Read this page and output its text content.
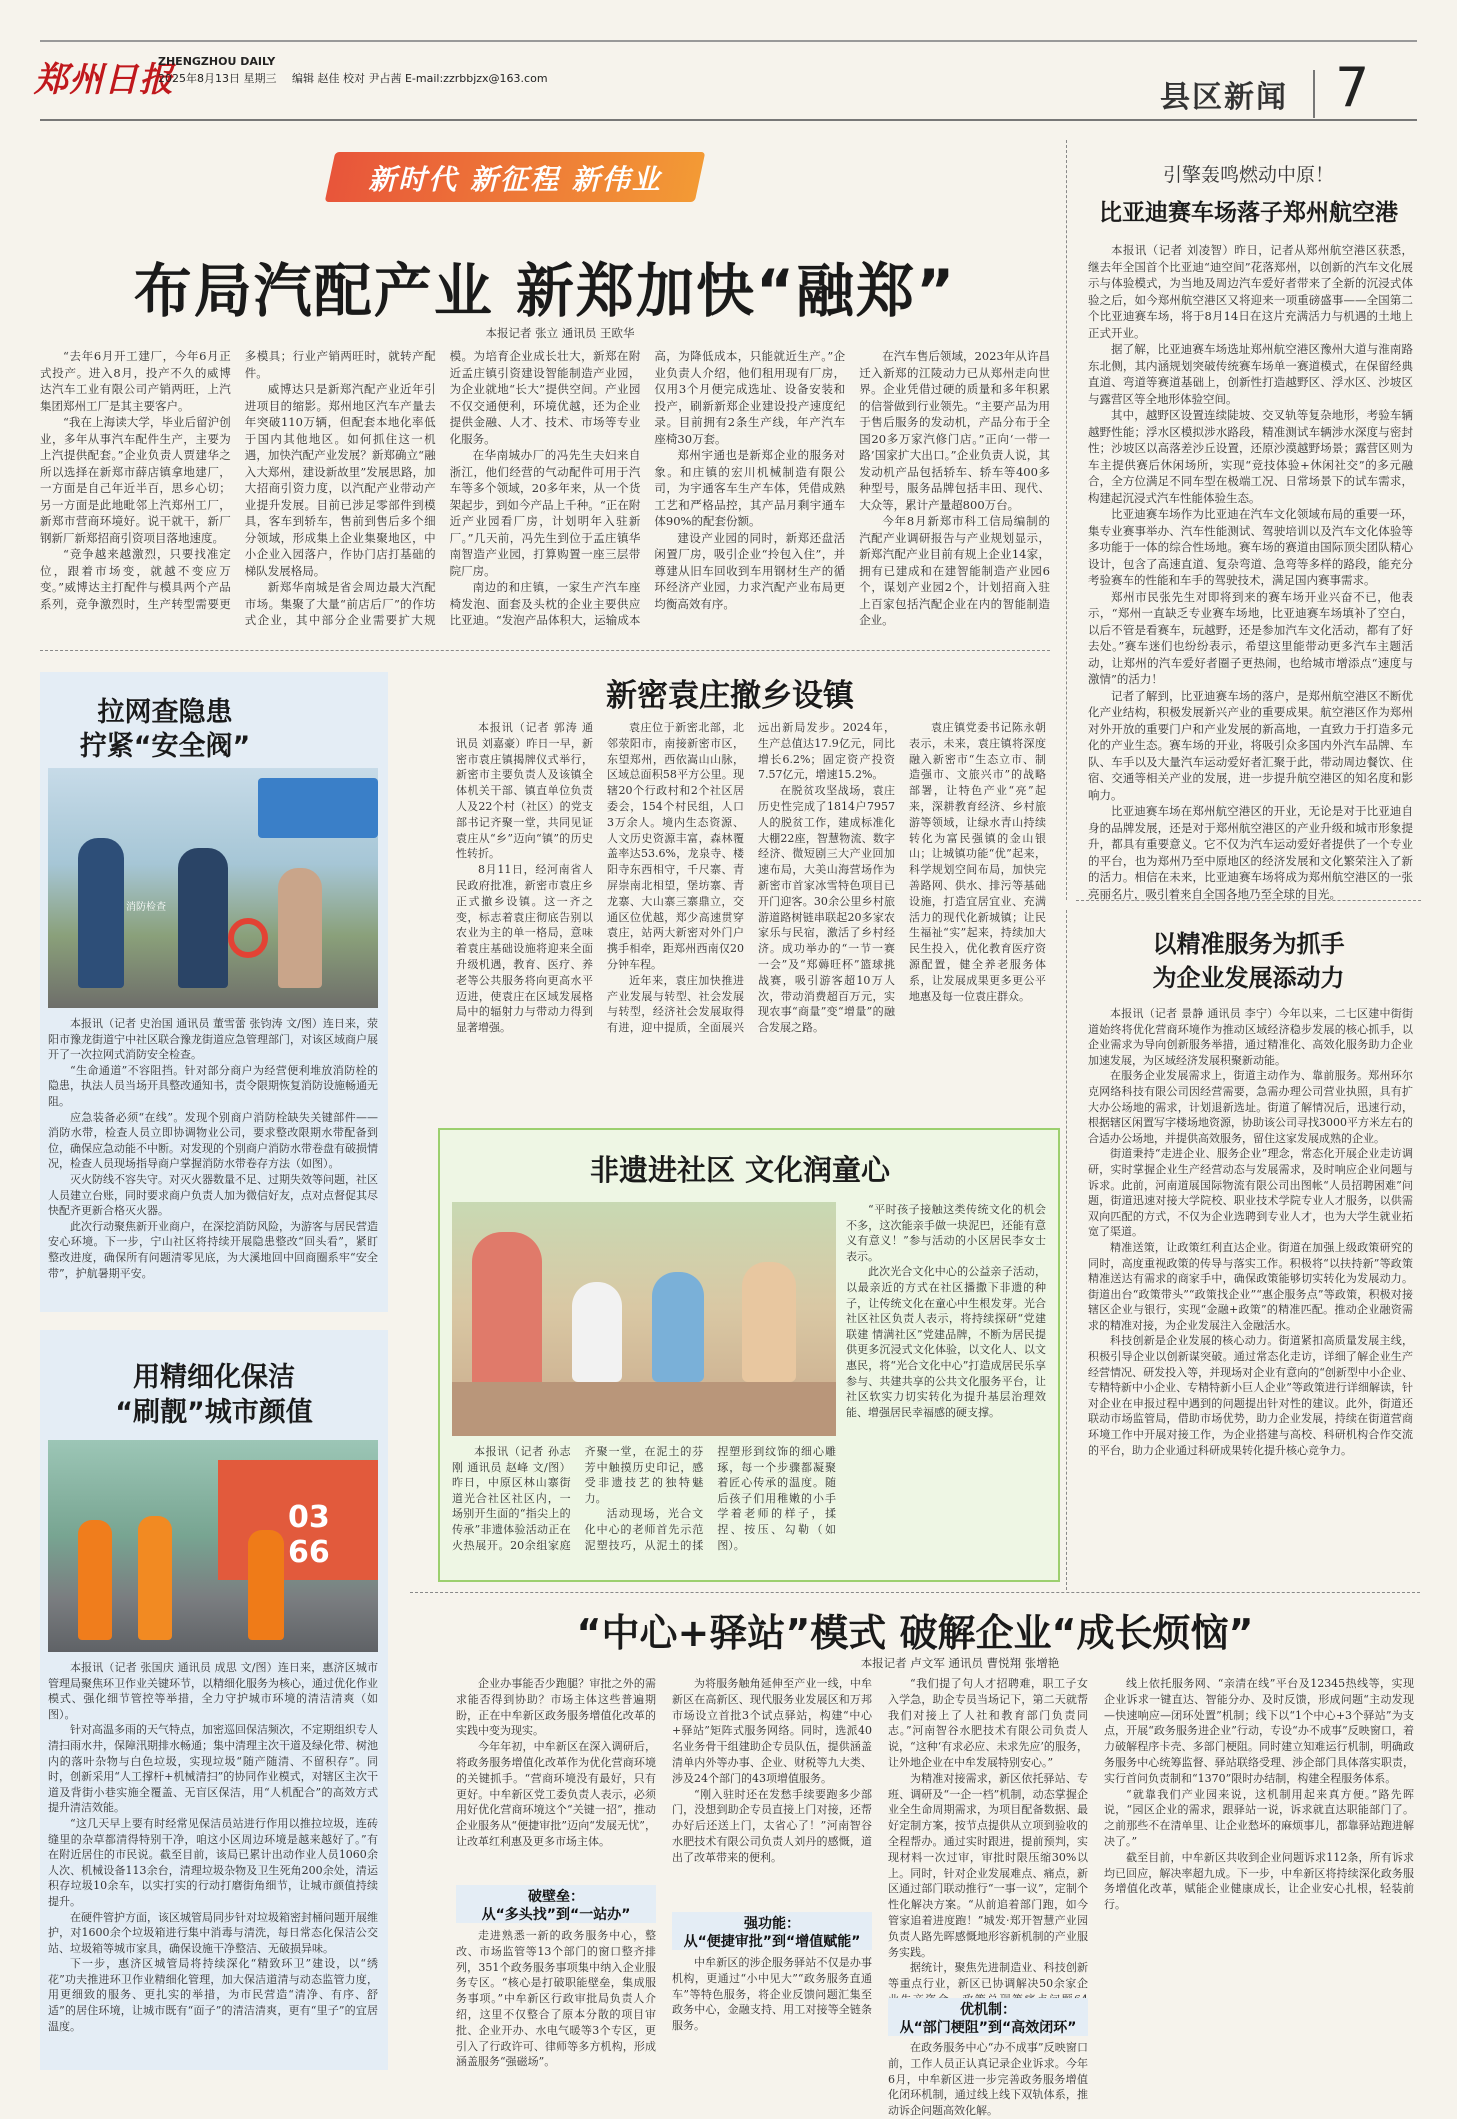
郑州日报
ZHENGZHOU DAILY
2025年8月13日 星期三 编辑 赵佳 校对 尹占茜 E-mail:zzrbbjzx@163.com
县区新闻 7
新时代 新征程 新伟业
布局汽配产业 新郑加快“融郑”
本报记者 张立 通讯员 王欧华

“去年6月开工建厂，今年6月正式投产。进入8月，投产不久的威博达汽车工业有限公司产销两旺，上汽集团郑州工厂是其主要客户。

“我在上海读大学，毕业后留沪创业，多年从事汽车配件生产，主要为上汽提供配套。”企业负责人贾建华之所以选择在新郑市薛店镇拿地建厂，一方面是自己年近半百，思乡心切；另一方面是此地毗邻上汽郑州工厂，新郑市营商环境好。说干就干，新厂钢新厂新郑招商引资项目落地速度。

“竞争越来越激烈，只要找准定位，跟着市场变，就越不变应万变。”威博达主打配件与模具两个产品系列，竞争激烈时，生产转型需要更多模具；行业产销两旺时，就转产配件。

威博达只是新郑汽配产业近年引进项目的缩影。郑州地区汽车产量去年突破110万辆，但配套本地化率低于国内其他地区。如何抓住这一机遇，加快汽配产业发展？新郑确立“融入大郑州，建设新故里”发展思路，加大招商引资力度，以汽配产业带动产业提升发展。目前已涉足零部件到模具，客车到轿车，售前到售后多个细分领域，形成集上企业集聚地区，中小企业入园落户，作协门店打基础的梯队发展格局。

新郑华南城是省会周边最大汽配市场。集聚了大量“前店后厂”的作坊式企业，其中部分企业需要扩大规模。为培育企业成长壮大，新郑在附近孟庄镇引资建设智能制造产业园，为企业就地“长大”提供空间。产业园不仅交通便利，环境优越，还为企业提供金融、人才、技术、市场等专业化服务。

在华南城办厂的冯先生夫妇来自浙江，他们经营的气动配件可用于汽车等多个领域，20多年来，从一个货架起步，到如今产品上千种。“正在附近产业园看厂房，计划明年入驻新厂。”几天前，冯先生到位于孟庄镇华南智造产业园，打算购置一座三层带院厂房。

南边的和庄镇，一家生产汽车座椅发泡、面套及头枕的企业主要供应比亚迪。“发泡产品体积大，运输成本高，为降低成本，只能就近生产。”企业负责人介绍，他们租用现有厂房，仅用3个月便完成选址、设备安装和投产，刷新新郑企业建设投产速度纪录。目前拥有2条生产线，年产汽车座椅30万套。

郑州宇通也是新郑企业的服务对象。和庄镇的宏川机械制造有限公司，为宇通客车生产车体，凭借成熟工艺和严格品控，其产品月剩宇通车体90%的配套份额。

建设产业园的同时，新郑还盘活闲置厂房，吸引企业“拎包入住”，并尊建从旧车回收到车用钢材生产的循环经济产业园，力求汽配产业布局更均衡高效有序。

在汽车售后领域，2023年从许昌迁入新郑的江陵动力已从郑州走向世界。企业凭借过硬的质量和多年积累的信誉做到行业领先。“主要产品为用于售后服务的发动机，产品分布于全国20多万家汽修门店。”正向‘一带一路’国家扩大出口。”企业负责人说，其发动机产品包括轿车、轿车等400多种型号，服务品牌包括丰田、现代、大众等，累计产量超800万台。

今年8月新郑市科工信局编制的汽配产业调研报告与产业规划显示，新郑汽配产业目前有规上企业14家，拥有已建成和在建智能制造产业园6个，谋划产业园2个，计划招商入驻上百家包括汽配企业在内的智能制造企业。

引擎轰鸣燃动中原！
比亚迪赛车场落子郑州航空港

本报讯（记者 刘凌智）昨日，记者从郑州航空港区获悉，继去年全国首个比亚迪“迪空间”花落郑州，以创新的汽车文化展示与体验模式，为当地及周边汽车爱好者带来了全新的沉浸式体验之后，如今郑州航空港区又将迎来一项重磅盛事——全国第二个比亚迪赛车场，将于8月14日在这片充满活力与机遇的土地上正式开业。

据了解，比亚迪赛车场选址郑州航空港区豫州大道与淮南路东北侧，其内涵规划突破传统赛车场单一赛道模式，在保留经典直道、弯道等赛道基础上，创新性打造越野区、浮水区、沙坡区与露营区等全地形体验空间。

其中，越野区设置连续陡坡、交叉轨等复杂地形，考验车辆越野性能；浮水区模拟涉水路段，精准测试车辆涉水深度与密封性；沙坡区以高落差沙丘设置，还原沙漠越野场景；露营区则为车主提供赛后休闲场所，实现“竞技体验+休闲社交”的多元融合，全方位满足不同车型在极端工况、日常场景下的试车需求，构建起沉浸式汽车性能体验生态。

比亚迪赛车场作为比亚迪在汽车文化领域布局的重要一环，集专业赛事举办、汽车性能测试、驾驶培训以及汽车文化体验等多功能于一体的综合性场地。赛车场的赛道由国际顶尖团队精心设计，包含了高速直道、复杂弯道、急弯等多样的路段，能充分考验赛车的性能和车手的驾驶技术，满足国内赛事需求。

郑州市民张先生对即将到来的赛车场开业兴奋不已，他表示，“郑州一直缺乏专业赛车场地，比亚迪赛车场填补了空白，以后不管是看赛车，玩越野，还是参加汽车文化活动，都有了好去处。”赛车迷们也纷纷表示，希望这里能带动更多汽车主题活动，让郑州的汽车爱好者圈子更热闹，也给城市增添点“速度与激情”的活力！

记者了解到，比亚迪赛车场的落户，是郑州航空港区不断优化产业结构，积极发展新兴产业的重要成果。航空港区作为郑州对外开放的重要门户和产业发展的新高地，一直致力于打造多元化的产业生态。赛车场的开业，将吸引众多国内外汽车品牌、车队、车手以及大量汽车运动爱好者汇聚于此，带动周边餐饮、住宿、交通等相关产业的发展，进一步提升航空港区的知名度和影响力。

比亚迪赛车场在郑州航空港区的开业，无论是对于比亚迪自身的品牌发展，还是对于郑州航空港区的产业升级和城市形象提升，都具有重要意义。它不仅为汽车运动爱好者提供了一个专业的平台，也为郑州乃至中原地区的经济发展和文化繁荣注入了新的活力。相信在未来，比亚迪赛车场将成为郑州航空港区的一张亮丽名片，吸引着来自全国各地乃至全球的目光。

拉网查隐患
拧紧“安全阀”
消防检查

本报讯（记者 史治国 通讯员 董雪蕾 张钧涛 文/图）连日来，荥阳市豫龙街道宁中社区联合豫龙街道应急管理部门，对该区域商户展开了一次拉网式消防安全检查。

“生命通道”不容阻挡。针对部分商户为经营便利堆放消防栓的隐患，执法人员当场开具整改通知书，责令限期恢复消防设施畅通无阻。

应急装备必须“在线”。发现个别商户消防栓缺失关键部件——消防水带，检查人员立即协调物业公司，要求整改限期水带配备到位，确保应急动能不中断。对发现的个别商户消防水带卷盘有破损情况，检查人员现场指导商户掌握消防水带卷存方法（如图）。

灭火防线不容失守。对灭火器数量不足、过期失效等问题，社区人员建立台账，同时要求商户负责人加为微信好友，点对点督促其尽快配齐更新合格灭火器。

此次行动聚焦新开业商户，在深挖消防风险，为游客与居民营造安心环境。下一步，宁山社区将持续开展隐患整改“回头看”，紧盯整改进度，确保所有问题清零见底，为大溪地回中回商圈系牢“安全带”，护航暑期平安。

用精细化保洁
“刷靓”城市颜值
03 66

本报讯（记者 张国庆 通讯员 成思 文/图）连日来，惠济区城市管理局聚焦环卫作业关键环节，以精细化服务为核心，通过优化作业模式、强化细节管控等举措，全力守护城市环境的清洁清爽（如图）。

针对高温多雨的天气特点，加密巡回保洁频次，不定期组织专人清扫雨水井，保障汛期排水畅通；集中清理主次干道及绿化带、树池内的落叶杂物与白色垃圾，实现垃圾“随产随清、不留积存”。同时，创新采用“人工撑杆+机械清扫”的协同作业模式，对辖区主次干道及背街小巷实施全覆盖、无盲区保洁，用“人机配合”的高效方式提升清洁效能。

“这几天早上要有时经常见保洁员站进行作用以推拉垃圾，连砖缝里的杂草都清得特别干净，咱这小区周边环境是越来越好了。”有在附近居住的市民说。截至目前，该局已累计出动作业人员1060余人次、机械设备113余台，清理垃圾杂物及卫生死角200余处，清运积存垃圾10余车，以实打实的行动打磨街角细节，让城市颜值持续提升。

在硬件管护方面，该区城管局同步针对垃圾箱密封桶问题开展维护，对1600余个垃圾箱进行集中消毒与清洗，每日常态化保洁公交站、垃圾箱等城市家具，确保设施干净整洁、无破损异味。

下一步，惠济区城管局将持续深化“精致环卫”建设，以“绣花”功夫推进环卫作业精细化管理，加大保洁道清与动态监管力度，用更细致的服务、更扎实的举措，为市民营造“清净、有序、舒适”的居住环境，让城市既有“面子”的清洁清爽，更有“里子”的宜居温度。

新密袁庄撤乡设镇

本报讯（记者 郭涛 通讯员 刘嘉豪）昨日一早，新密市袁庄镇揭牌仪式举行，新密市主要负责人及该镇全体机关干部、镇直单位负责人及22个村（社区）的党支部书记齐聚一堂，共同见证袁庄从“乡”迈向“镇”的历史性转折。

8月11日，经河南省人民政府批准，新密市袁庄乡正式撤乡设镇。这一齐之变，标志着袁庄彻底告别以农业为主的单一格局，意味着袁庄基础设施将迎来全面升级机遇，教育、医疗、养老等公共服务将向更高水平迈进，使袁庄在区域发展格局中的辐射力与带动力得到显著增强。

袁庄位于新密北部，北邻荥阳市，南接新密市区，东望郑州，西依嵩山山脉，区域总面积58平方公里。现辖20个行政村和2个社区居委会，154个村民组，人口3万余人。境内生态资源、人文历史资源丰富，森林覆盖率达53.6%，龙泉寺、楼阳寺东西相守，千尺寨、青屏崇南北相望，堡坊寨、青龙寨、大山寨三寨鼎立，交通区位优越，郑少高速贯穿袁庄，站两大新密对外门户携手相牵，距郑州西南仅20分钟车程。

近年来，袁庄加快推进产业发展与转型、社会发展与转型，经济社会发展取得有进，迎中提质，全面展兴远出新局发步。2024年，生产总值达17.9亿元，同比增长6.2%；固定资产投资7.57亿元，增速15.2%。

在脱贫攻坚战场，袁庄历史性完成了1814户7957人的脱贫工作，建成标准化大棚22座，智慧物流、数字经济、微短剧三大产业回加速布局，大美山海营场作为新密市首家冰雪特色项目已开门迎客。30余公里乡村旅游道路树链串联起20多家农家乐与民宿，激活了乡村经济。成功举办的“一节一赛一会”及“郑薅旺杯”篮球挑战赛，吸引游客超10万人次，带动消费超百万元，实现农事“商量”变“增量”的融合发展之路。

袁庄镇党委书记陈永朝表示，未来，袁庄镇将深度融入新密市“生态立市、制造强市、文旅兴市”的战略部署，让特色产业“亮”起来，深耕教育经济、乡村旅游等领域，让绿水青山持续转化为富民强镇的金山银山；让城镇功能“优”起来，科学规划空间布局，加快完善路网、供水、排污等基础设施，打造宜居宜业、充满活力的现代化新城镇；让民生福祉“实”起来，持续加大民生投入，优化教育医疗资源配置，健全养老服务体系，让发展成果更多更公平地惠及每一位袁庄群众。

非遗进社区 文化润童心

本报讯（记者 孙志刚 通讯员 赵峰 文/图）昨日，中原区林山寨街道光合社区社区内，一场别开生面的“指尖上的传承”非遗体验活动正在火热展开。20余组家庭齐聚一堂，在泥土的芬芳中触摸历史印记，感受非遗技艺的独特魅力。

活动现场，光合文化中心的老师首先示范泥塑技巧，从泥土的揉捏塑形到纹饰的细心雕琢，每一个步骤都凝聚着匠心传承的温度。随后孩子们用稚嫩的小手学着老师的样子，揉捏、按压、勾勒（如图）。

“平时孩子接触这类传统文化的机会不多，这次能亲手做一块泥巴，还能有意义有意义！”参与活动的小区居民李女士表示。

此次光合文化中心的公益亲子活动，以最亲近的方式在社区播撒下非遗的种子，让传统文化在童心中生根发芽。光合社区社区负责人表示，将持续探研“党建联建 情满社区”党建品牌，不断为居民提供更多沉浸式文化体验，以文化人、以文惠民，将“光合文化中心”打造成居民乐享参与、共建共享的公共文化服务平台，让社区软实力切实转化为提升基层治理效能、增强居民幸福感的硬支撑。

以精准服务为抓手
为企业发展添动力

本报讯（记者 景静 通讯员 李宁）今年以来，二七区建中街街道始终将优化营商环境作为推动区域经济稳步发展的核心抓手，以企业需求为导向创新服务举措，通过精准化、高效化服务助力企业加速发展，为区域经济发展积聚新动能。

在服务企业发展需求上，街道主动作为、靠前服务。郑州环尔克网络科技有限公司因经营需要，急需办理公司营业执照，具有扩大办公场地的需求，计划退新选址。街道了解情况后，迅速行动，根据辖区闲置写字楼场地资源，协助该公司寻找3000平方米左右的合适办公场地，并提供高效服务，留住这家发展成熟的企业。

街道秉持“走进企业、服务企业”理念，常态化开展企业走访调研，实时掌握企业生产经营动态与发展需求，及时响应企业问题与诉求。此前，河南道展国际物流有限公司出图帐“人员招聘困难”问题，街道迅速对接大学院校、职业技术学院专业人才服务，以供需双向匹配的方式，不仅为企业选聘到专业人才，也为大学生就业拓宽了渠道。

精准送策，让政策红利直达企业。街道在加强上级政策研究的同时，高度重视政策的传导与落实工作。积极将“以扶持新”等政策精准送达有需求的商家手中，确保政策能够切实转化为发展动力。街道出台“政策带头”“政策找企业”“惠企服务点”等政策，积极对接辖区企业与银行，实现“金融+政策”的精准匹配。推动企业融资需求的精准对接，为企业发展注入金融活水。

科技创新是企业发展的核心动力。街道紧扣高质量发展主线，积极引导企业以创新谋突破。通过常态化走访，详细了解企业生产经营情况、研发投入等，并现场对企业有意向的“创新型中小企业、专精特新中小企业、专精特新小巨人企业”等政策进行详细解读，针对企业在申报过程中遇到的问题提出针对性的建议。此外，街道还联动市场监管局，借助市场优势，助力企业发展，持续在街道营商环境工作中开展对接工作，为企业搭建与高校、科研机构合作交流的平台，助力企业通过科研成果转化提升核心竞争力。

“中心+驿站”模式 破解企业“成长烦恼”
本报记者 卢文军 通讯员 曹悦翔 张增艳

企业办事能否少跑腿？审批之外的需求能否得到协助？市场主体这些普遍期盼，正在中牟新区政务服务增值化改革的实践中变为现实。

今年年初，中牟新区在深入调研后，将政务服务增值化改革作为优化营商环境的关键抓手。“营商环境没有最好，只有更好。中牟新区党工委负责人表示，必须用好优化营商环境这个“关键一招”，推动企业服务从“便捷审批”迈向“发展无忧”，让改革红利惠及更多市场主体。

破壁垒：
从“多头找”到“一站办”

走进熟悉一新的政务服务中心，整改、市场监管等13个部门的窗口整齐排列，351个政务服务事项集中纳入企业服务专区。“核心是打破职能壁垒，集成服务事项。”中牟新区行政审批局负责人介绍，这里不仅整合了原本分散的项目审批、企业开办、水电气暖等3个专区，更引入了行政许可、律师等多方机构，形成涵盖服务“强磁场”。

为将服务触角延伸至产业一线，中牟新区在高新区、现代服务业发展区和万邦市场设立首批3个试点驿站，构建“中心+驿站”矩阵式服务网络。同时，选派40名业务骨干组建助企专员队伍，提供涵盖清单内外等办事、企业、财税等九大类、涉及24个部门的43项增值服务。

“刚入驻时还在发愁手续要跑多少部门，没想到助企专员直接上门对接，还帮办好后还送上门，太省心了！”河南智谷水肥技术有限公司负责人刘丹的感慨，道出了改革带来的便利。

强功能：
从“便捷审批”到“增值赋能”

中牟新区的涉企服务驿站不仅是办事机构，更通过“小中见大”“政务服务直通车”等特色服务，将企业反馈问题汇集至政务中心，金融支持、用工对接等全链条服务。

“我们提了句人才招聘难，职工子女入学急，助企专员当场记下，第二天就帮我们对接上了人社和教育部门负责同志。”河南智谷水肥技术有限公司负责人说，“这种‘有求必应、未求先应’的服务，让外地企业在中牟发展特别安心。”

为精准对接需求，新区依托驿站、专班、调研及“一企一档”机制，动态掌握企业全生命周期需求，为项目配备数据、最好定制方案，按节点提供从立项到验收的全程帮办。通过实时跟进，提前预判，实现材料一次过审，审批时限压缩30%以上。同时，针对企业发展难点、痛点，新区通过部门联动推行“一事一议”，定制个性化解决方案。“从前追着部门跑，如今管家追着进度跑！”城发·郑开智慧产业园负责人路先晖感慨地形容新机制的产业服务实践。

据统计，聚焦先进制造业、科技创新等重点行业，新区已协调解决50余家企

优机制：
从“部门梗阻”到“高效闭环”

在政务服务中心“办不成事”反映窗口前，工作人员正认真记录企业诉求。今年6月，中牟新区进一步完善政务服务增值化闭环机制，通过线上线下双轨体系，推动诉企问题高效化解。

线上依托服务网、“亲清在线”平台及12345热线等，实现企业诉求一键直达、智能分办、及时反馈，形成问题“主动发现—快速响应—闭环处置”机制；线下以“1个中心+3个驿站”为支点，开展“政务服务进企业”行动，专设“办不成事”反映窗口，着力破解程序卡壳、多部门梗阻。同时建立知难运行机制，明确政务服务中心统筹监督、驿站联络受理、涉企部门具体落实职责，实行首问负责制和“1370”限时办结制，构建全程服务体系。

“就靠我们产业园来说，这机制用起来真方便。”路先晖说，“园区企业的需求，跟驿站一说，诉求就直达职能部门了。之前那些不在清单里、让企业愁坏的麻烦事儿，都靠驿站跑进解决了。”

截至目前，中牟新区共收到企业问题诉求112条，所有诉求均已回应，解决率超九成。下一步，中牟新区将持续深化政务服务增值化改革，赋能企业健康成长，让企业安心扎根，轻装前行。
